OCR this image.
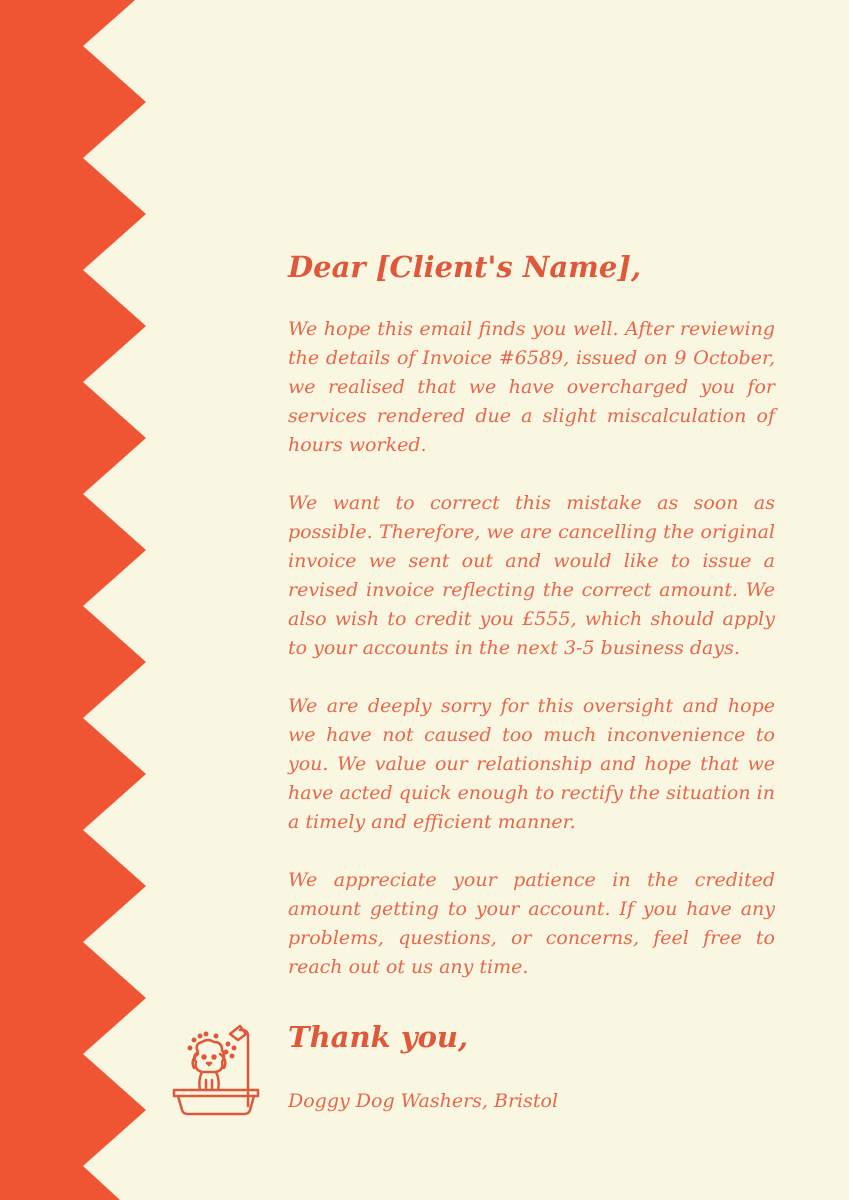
Dear [Client's Name],

We hope this email finds you well. After reviewing the details of Invoice #6589, issued on 9 October, we realised that we have overcharged you for services rendered due a slight miscalculation of hours worked.

We want to correct this mistake as soon as possible. Therefore, we are cancelling the original invoice we sent out and would like to issue a revised invoice reflecting the correct amount. We also wish to credit you £555, which should apply to your accounts in the next 3-5 business days.

We are deeply sorry for this oversight and hope we have not caused too much inconvenience to you. We value our relationship and hope that we have acted quick enough to rectify the situation in a timely and efficient manner.

We appreciate your patience in the credited amount getting to your account. If you have any problems, questions, or concerns, feel free to reach out ot us any time.

Thank you,

Doggy Dog Washers, Bristol
